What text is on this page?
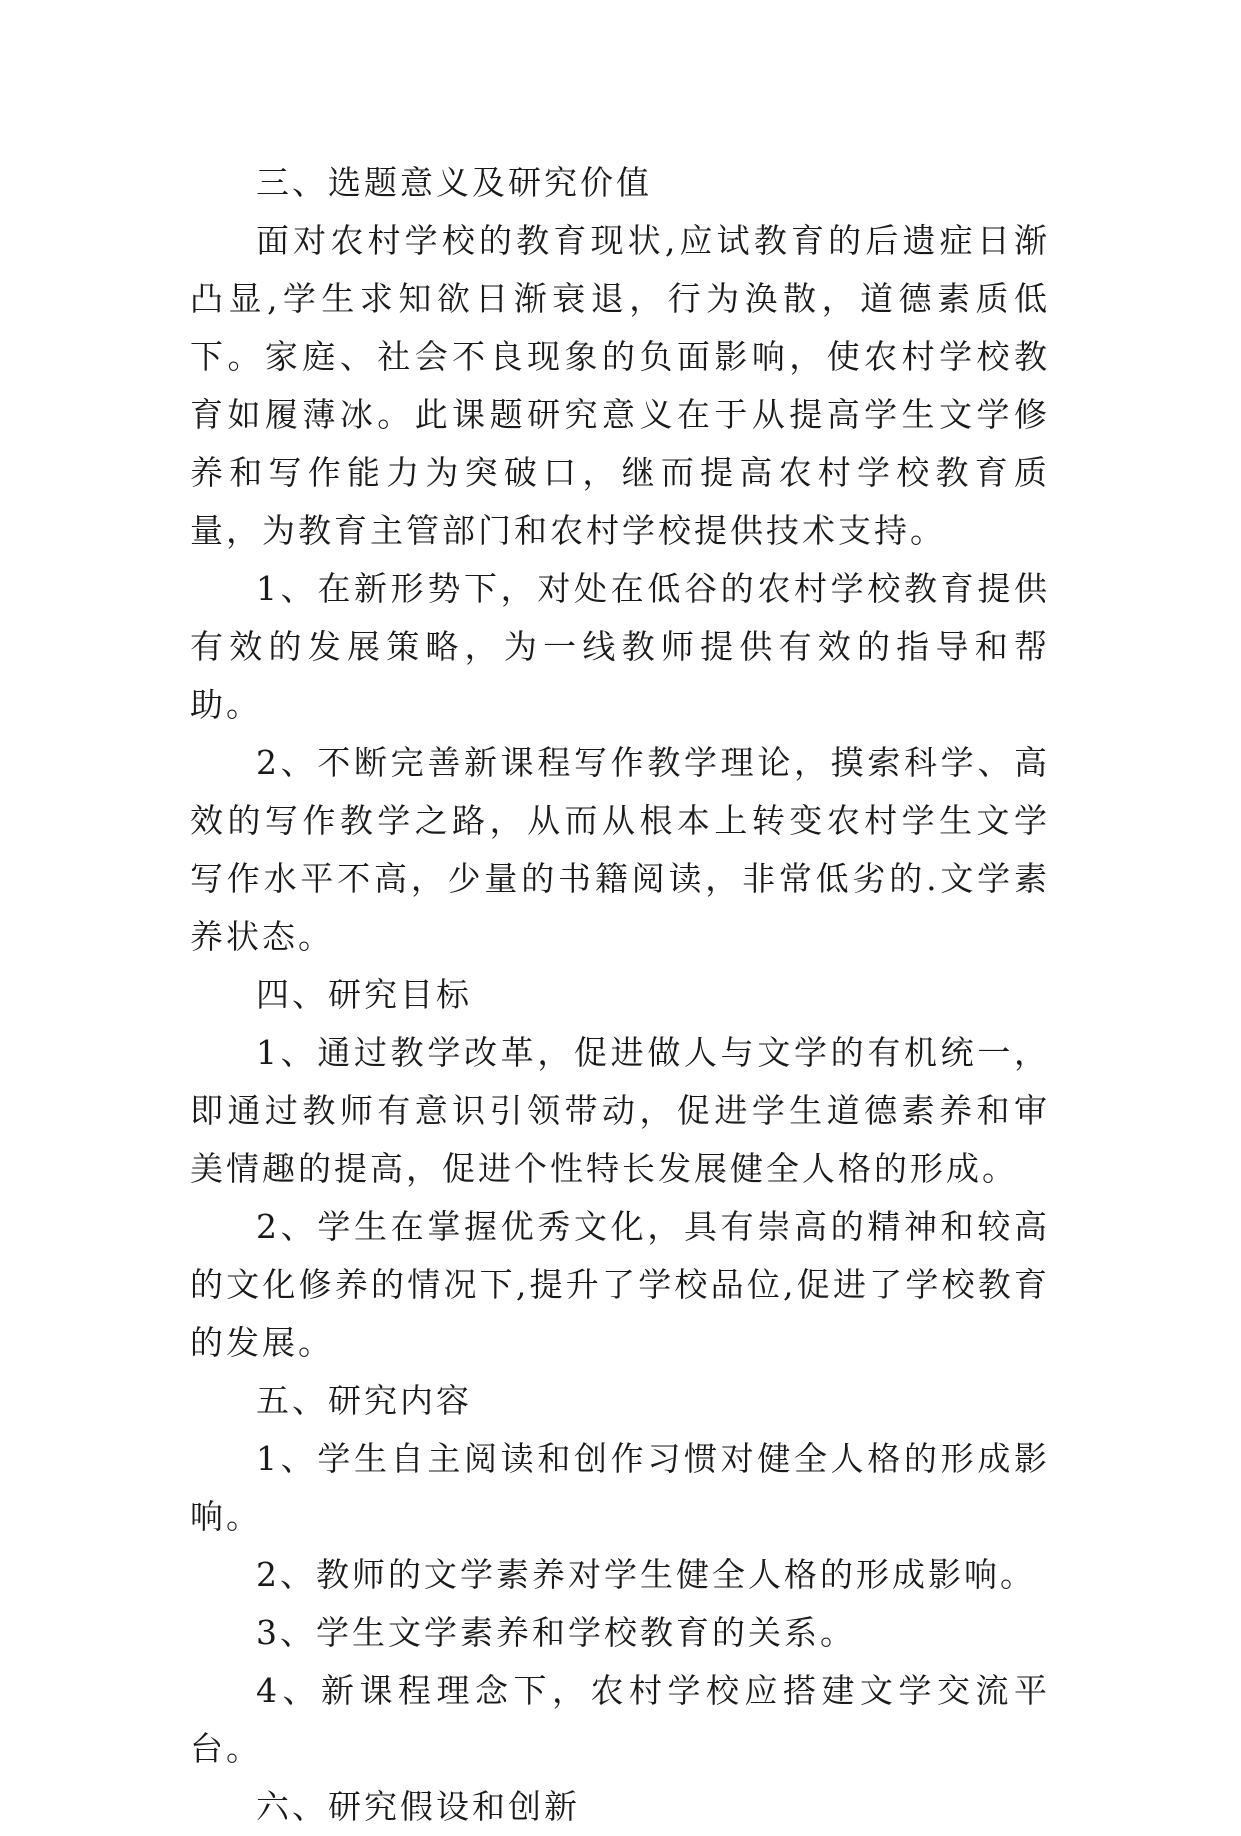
三、选题意义及研究价值

面对农村学校的教育现状,应试教育的后遗症日渐凸显,学生求知欲日渐衰退，行为涣散，道德素质低下。家庭、社会不良现象的负面影响，使农村学校教育如履薄冰。此课题研究意义在于从提高学生文学修养和写作能力为突破口，继而提高农村学校教育质量，为教育主管部门和农村学校提供技术支持。

1、在新形势下，对处在低谷的农村学校教育提供有效的发展策略，为一线教师提供有效的指导和帮助。

2、不断完善新课程写作教学理论，摸索科学、高效的写作教学之路，从而从根本上转变农村学生文学写作水平不高，少量的书籍阅读，非常低劣的.文学素养状态。

四、研究目标

1、通过教学改革，促进做人与文学的有机统一，即通过教师有意识引领带动，促进学生道德素养和审美情趣的提高，促进个性特长发展健全人格的形成。

2、学生在掌握优秀文化，具有崇高的精神和较高的文化修养的情况下,提升了学校品位,促进了学校教育的发展。

五、研究内容

1、学生自主阅读和创作习惯对健全人格的形成影响。

2、教师的文学素养对学生健全人格的形成影响。

3、学生文学素养和学校教育的关系。

4、新课程理念下，农村学校应搭建文学交流平台。

六、研究假设和创新
